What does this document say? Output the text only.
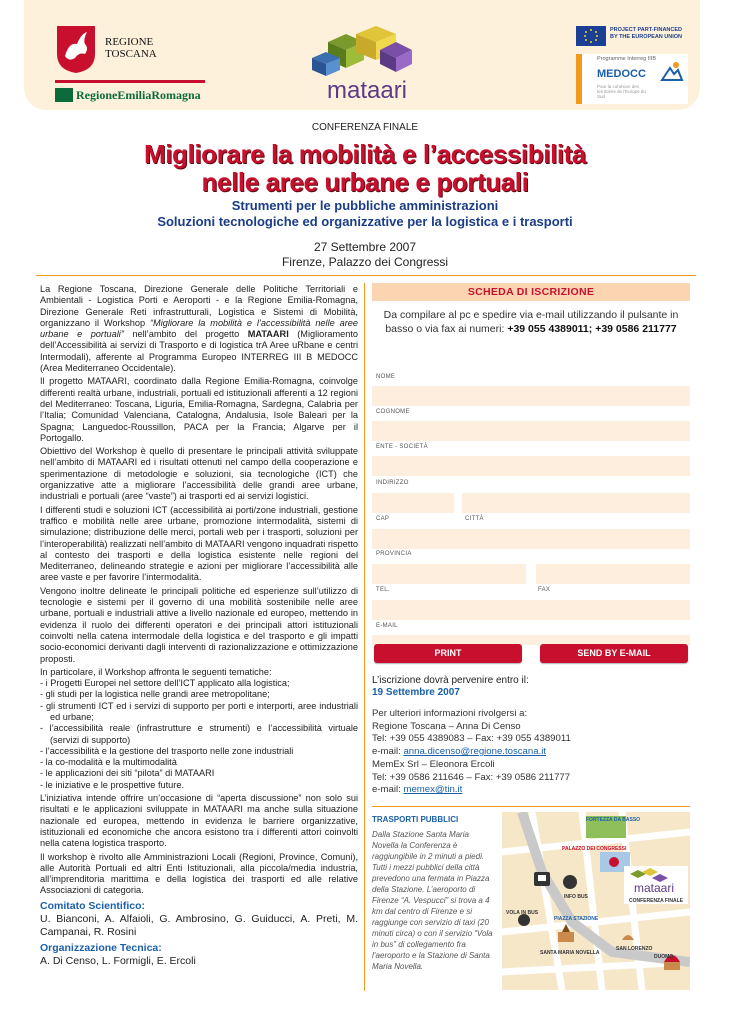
REGIONE TOSCANA
RegioneEmiliaRomagna	mataari
PROJECT PART-FINANCED BY THE EUROPEAN UNION
Programme Interreg IIIB
MEDOCC
Pour la cohésion des territoires de l'Europe du Sud
CONFERENZA FINALE
Migliorare la mobilità e l’accessibilità
nelle aree urbane e portuali
Strumenti per le pubbliche amministrazioni
Soluzioni tecnologiche ed organizzative per la logistica e i trasporti
27 Settembre 2007
Firenze, Palazzo dei Congressi

La Regione Toscana, Direzione Generale delle Politiche Territoriali e Ambientali - Logistica Porti e Aeroporti - e la Regione Emilia-Romagna, Direzione Generale Reti infrastrutturali, Logistica e Sistemi di Mobilità, organizzano il Workshop “Migliorare la mobilità e l’accessibilità nelle aree urbane e portuali” nell’ambito del progetto MATAARI (Miglioramento dell’Accessibilità ai servizi di Trasporto e di logistica trA Aree uRbane e centri Intermodali), afferente al Programma Europeo INTERREG III B MEDOCC (Area Mediterraneo Occidentale).

Il progetto MATAARI, coordinato dalla Regione Emilia-Romagna, coinvolge differenti realtà urbane, industriali, portuali ed istituzionali afferenti a 12 regioni del Mediterraneo: Toscana, Liguria, Emilia-Romagna, Sardegna, Calabria per l’Italia; Comunidad Valenciana, Catalogna, Andalusia, Isole Baleari per la Spagna; Languedoc-Roussillon, PACA per la Francia; Algarve per il Portogallo.

Obiettivo del Workshop è quello di presentare le principali attività sviluppate nell’ambito di MATAARI ed i risultati ottenuti nel campo della cooperazione e sperimentazione di metodologie e soluzioni, sia tecnologiche (ICT) che organizzative atte a migliorare l’accessibilità delle grandi aree urbane, industriali e portuali (aree “vaste”) ai trasporti ed ai servizi logistici.

I differenti studi e soluzioni ICT (accessibilità ai porti/zone industriali, gestione traffico e mobilità nelle aree urbane, promozione intermodalità, sistemi di simulazione; distribuzione delle merci, portali web per i trasporti, soluzioni per l’interoperabilità) realizzati nell’ambito di MATAARI vengono inquadrati rispetto al contesto dei trasporti e della logistica esistente nelle regioni del Mediterraneo, delineando strategie e azioni per migliorare l’accessibilità alle aree vaste e per favorire l’intermodalità.

Vengono inoltre delineate le principali politiche ed esperienze sull’utilizzo di tecnologie e sistemi per il governo di una mobilità sostenibile nelle aree urbane, portuali e industriali attive a livello nazionale ed europeo, mettendo in evidenza il ruolo dei differenti operatori e dei principali attori istituzionali coinvolti nella catena intermodale della logistica e del trasporto e gli impatti socio-economici derivanti dagli interventi di razionalizzazione e ottimizzazione proposti.

In particolare, il Workshop affronta le seguenti tematiche:

- i Progetti Europei nel settore dell’ICT applicato alla logistica;
- gli studi per la logistica nelle grandi aree metropolitane;
- gli strumenti ICT ed i servizi di supporto per porti e interporti, aree industriali ed urbane;
- l’accessibilità reale (infrastrutture e strumenti) e l’accessibilità virtuale (servizi di supporto)
- l’accessibilità e la gestione del trasporto nelle zone industriali
- la co-modalità e la multimodalità
- le applicazioni dei siti “pilota” di MATAARI
- le iniziative e le prospettive future.

L’iniziativa intende offrire un’occasione di “aperta discussione” non solo sui risultati e le applicazioni sviluppate in MATAARI ma anche sulla situazione nazionale ed europea, mettendo in evidenza le barriere organizzative, istituzionali ed economiche che ancora esistono tra i differenti attori coinvolti nella catena logistica trasporto.

Il workshop è rivolto alle Amministrazioni Locali (Regioni, Province, Comuni), alle Autorità Portuali ed altri Enti Istituzionali, alla piccola/media industria, all’imprenditoria marittima e della logistica dei trasporti ed alle relative Associazioni di categoria.

Comitato Scientifico:
U. Bianconi, A. Alfaioli, G. Ambrosino, G. Guiducci, A. Preti, M. Campanai, R. Rosini
Organizzazione Tecnica:
A. Di Censo, L. Formigli, E. Ercoli
SCHEDA DI ISCRIZIONE
Da compilare al pc e spedire via e-mail utilizzando il pulsante in basso o via fax ai numeri: +39 055 4389011; +39 0586 211777
NOME
COGNOME
ENTE - SOCIETÀ
INDIRIZZO
CAP	CITTÀ
PROVINCIA
TEL.	FAX
E-MAIL
PRINT	SEND BY E-MAIL
L’iscrizione dovrà pervenire entro il:
19 Settembre 2007
Per ulteriori informazioni rivolgersi a:
Regione Toscana – Anna Di Censo
Tel: +39 055 4389083 – Fax: +39 055 4389011
e-mail: anna.dicenso@regione.toscana.it
MemEx Srl – Eleonora Ercoli
Tel: +39 0586 211646 – Fax: +39 0586 211777
e-mail: memex@tin.it
TRASPORTI PUBBLICI
Dalla Stazione Santa Maria Novella la Conferenza è raggiungibile in 2 minuti a piedi. Tutti i mezzi pubblici della città prevedono una fermata in Piazza della Stazione. L’aeroporto di Firenze “A. Vespucci” si trova a 4 km dal centro di Firenze e si raggiunge con servizio di taxi (20 minuti circa) o con il servizio “Vola in bus” di collegamento fra l’aeroporto e la Stazione di Santa Maria Novella.
mataari
CONFERENZA FINALE
FORTEZZA DA BASSO
PALAZZO DEI CONGRESSI
INFO BUS
VOLA IN BUS
PIAZZA STAZIONE
SANTA MARIA NOVELLA
SAN LORENZO
DUOMO
